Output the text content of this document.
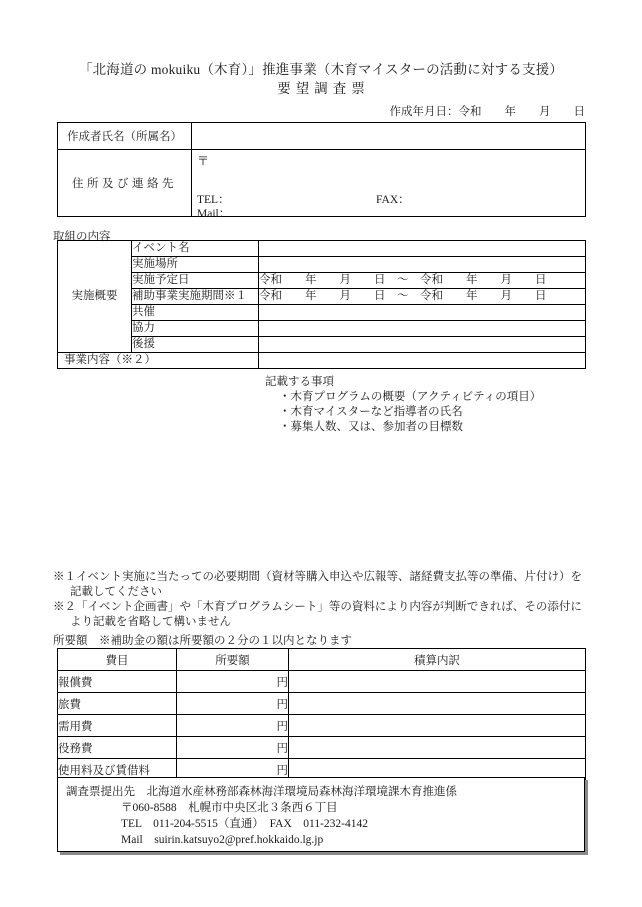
「北海道の mokuiku（木育）」推進事業（木育マイスターの活動に対する支援）
要望調査票
作成年月日：令和　　年　　月　　日
作成者氏名（所属名）	
住所及び連絡先	〒
TEL： FAX：
Mail：
取組の内容
実施概要	イベント名	
	実施場所	
	実施予定日	令和　　年　　月　　日　～　令和　　年　　月　　日
	補助事業実施期間※１	令和　　年　　月　　日　～　令和　　年　　月　　日
	共催	
	協力	
	後援	
事業内容（※２）		記載する事項
・木育プログラムの概要（アクティビティの項目）
・木育マイスターなど指導者の氏名
・募集人数、又は、参加者の目標数
※１イベント実施に当たっての必要期間（資材等購入申込や広報等、諸経費支払等の準備、片付け）を
記載してください
※２「イベント企画書」や「木育プログラムシート」等の資料により内容が判断できれば、その添付に
より記載を省略して構いません
所要額　※補助金の額は所要額の２分の１以内となります
費目	所要額	積算内訳
報償費	円	
旅費	円	
需用費	円	
役務費	円	
使用料及び賃借料	円	
調査票提出先　北海道水産林務部森林海洋環境局森林海洋環境課木育推進係
〒060-8588　札幌市中央区北３条西６丁目
TEL　011-204-5515（直通）　FAX　011-232-4142
Mail　suirin.katsuyo2@pref.hokkaido.lg.jp
